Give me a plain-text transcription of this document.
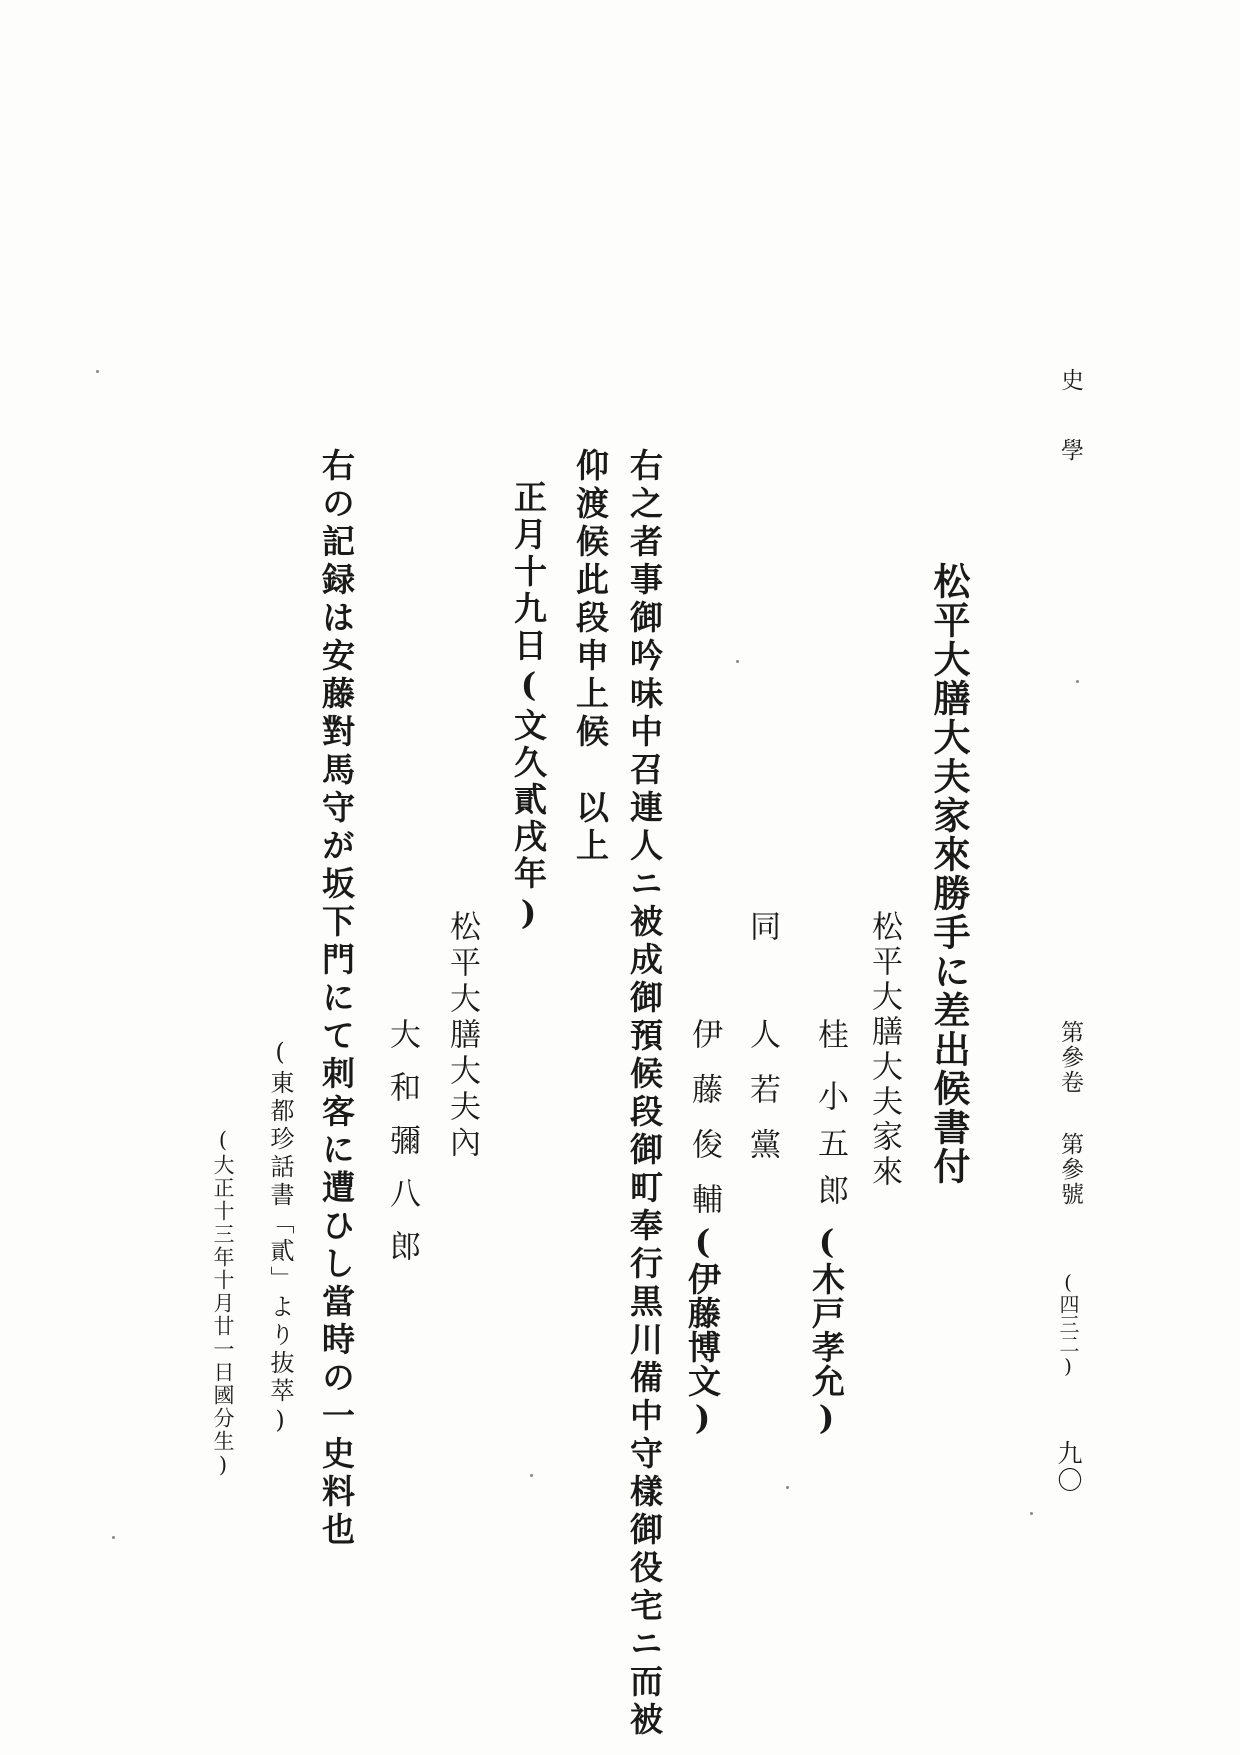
史
學
第參卷
第參號
(四三二)
九〇
松平大膳大夫家來勝手に差出候書付
松平大膳大夫家來
桂
小五郎
(木戸孝允)
同
人若黨
伊藤俊輔
(伊藤博文)
右之者事御吟味中召連人ニ被成御預候段御町奉行黒川備中守樣御役宅ニ而被
仰渡候此段申上候　以上
正月十九日(文久貳戌年)
松平大膳大夫內
大和彌八郎
右の記録は安藤對馬守が坂下門にて刺客に遭ひし當時の一史料也
(東都珍話書「貳」より抜萃)
(大正十三年十月廿一日國分生)
